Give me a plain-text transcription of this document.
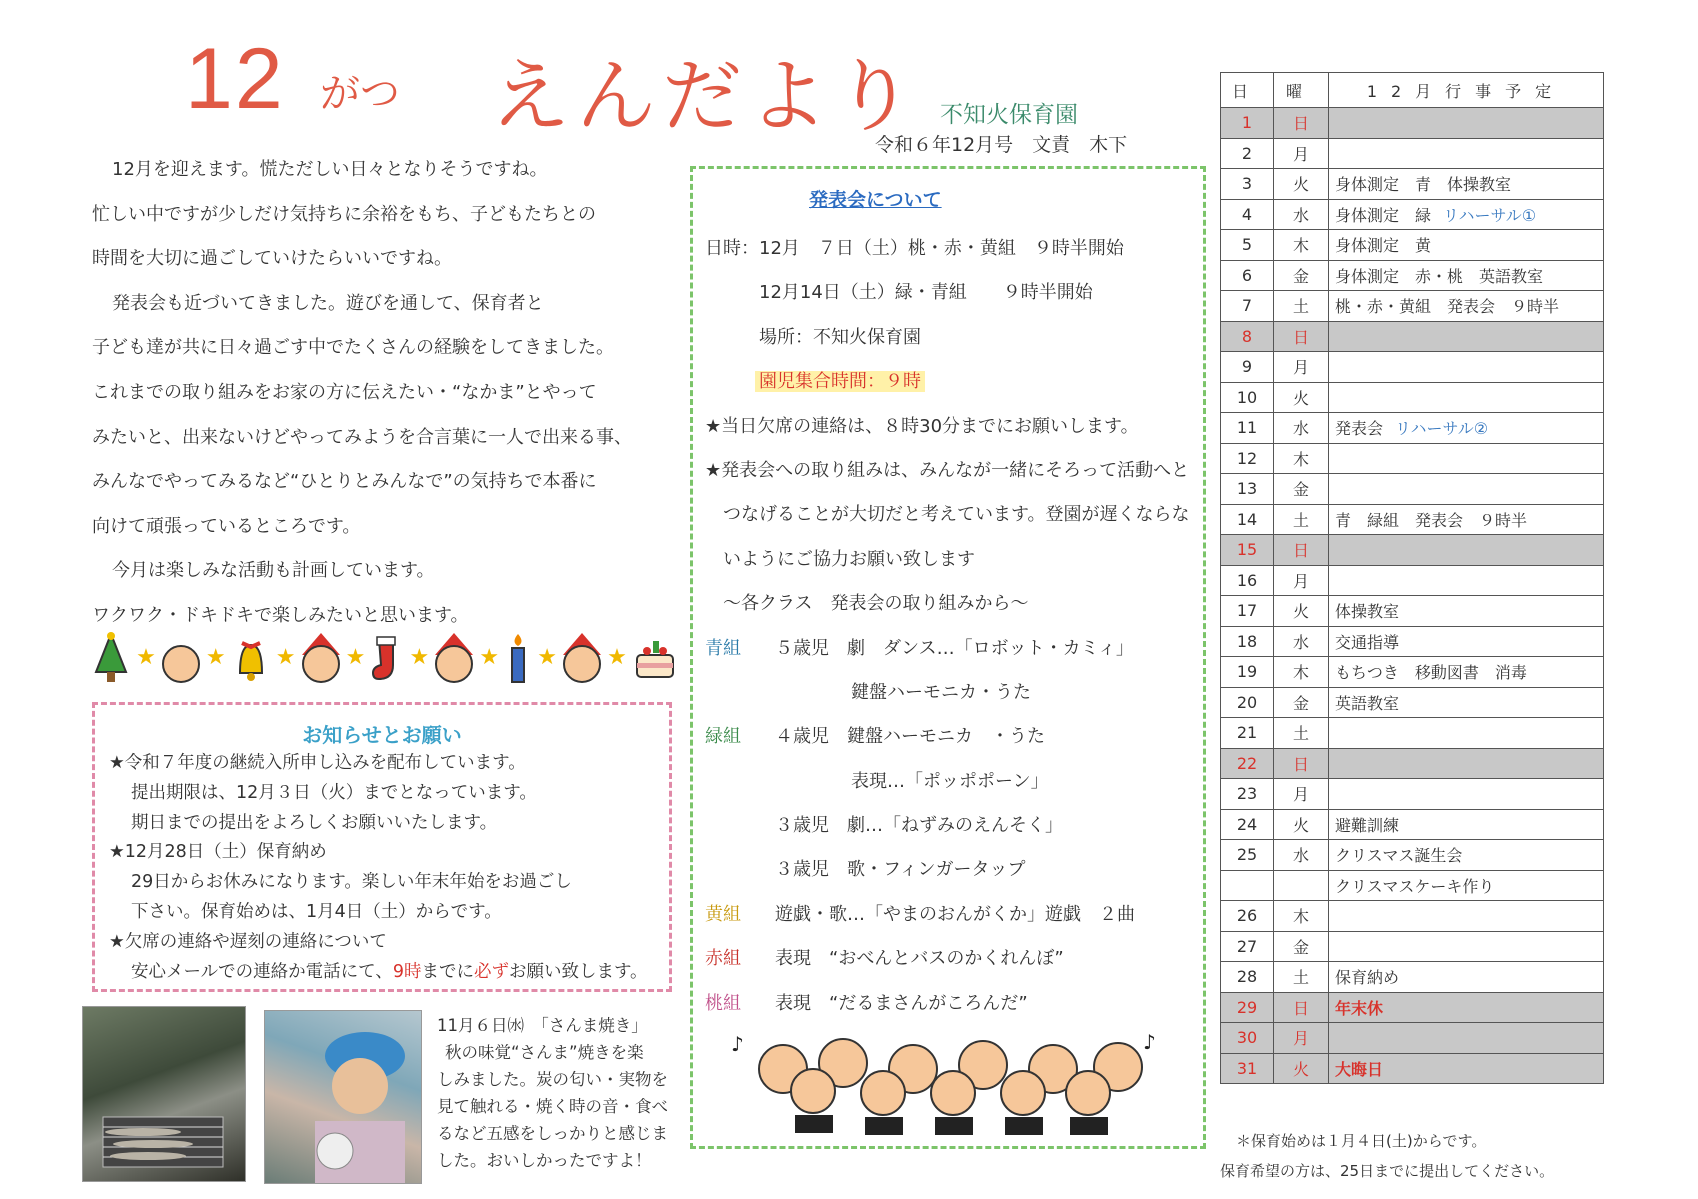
12 がつ えんだより 不知火保育園
令和６年12月号　文責　木下

12月を迎えます。慌ただしい日々となりそうですね。

忙しい中ですが少しだけ気持ちに余裕をもち、子どもたちとの

時間を大切に過ごしていけたらいいですね。

発表会も近づいてきました。遊びを通して、保育者と

子ども達が共に日々過ごす中でたくさんの経験をしてきました。

これまでの取り組みをお家の方に伝えたい・“なかま”とやって

みたいと、出来ないけどやってみようを合言葉に一人で出来る事、

みんなでやってみるなど“ひとりとみんなで”の気持ちで本番に

向けて頑張っているところです。

今月は楽しみな活動も計画しています。

ワクワク・ドキドキで楽しみたいと思います。

★ ★ ★ ★ ★ ★ ★ ★
お知らせとお願い

★令和７年度の継続入所申し込みを配布しています。

提出期限は、12月３日（火）までとなっています。

期日までの提出をよろしくお願いいたします。

★12月28日（土）保育納め

29日からお休みになります。楽しい年末年始をお過ごし

下さい。保育始めは、1月4日（土）からです。

★欠席の連絡や遅刻の連絡について

安心メールでの連絡か電話にて、9時までに必ずお願い致します。

11月６日㈬　「さんま焼き」

秋の味覚“さんま”焼きを楽

しみました。炭の匂い・実物を

見て触れる・焼く時の音・食べ

るなど五感をしっかりと感じま

した。おいしかったですよ！

発表会について
日時：12月　７日（土）桃・赤・黄組　９時半開始
12月14日（土）緑・青組　　９時半開始
場所：不知火保育園
園児集合時間：９時
★当日欠席の連絡は、８時30分までにお願いします。
★発表会への取り組みは、みんなが一緒にそろって活動へと
つなげることが大切だと考えています。登園が遅くならな
いようにご協力お願い致します
～各クラス　発表会の取り組みから～
青組 ５歳児　劇　ダンス…「ロボット・カミィ」
鍵盤ハーモニカ・うた
緑組 ４歳児　鍵盤ハーモニカ　・うた
表現…「ポッポポーン」
３歳児　劇…「ねずみのえんそく」
３歳児　歌・フィンガータップ
黄組 遊戯・歌…「やまのおんがくか」遊戯　２曲
赤組 表現　“おべんとバスのかくれんぼ”
桃組 表現　“だるまさんがころんだ”
♪	♪
日	曜	12月行事予定
1	日	
2	月	
3	火	身体測定　青　体操教室
4	水	身体測定　緑 リハーサル①
5	木	身体測定　黄
6	金	身体測定　赤・桃　英語教室
7	土	桃・赤・黄組　発表会　９時半
8	日	
9	月	
10	火	
11	水	発表会 リハーサル②
12	木	
13	金	
14	土	青　緑組　発表会　９時半
15	日	
16	月	
17	火	体操教室
18	水	交通指導
19	木	もちつき　移動図書　消毒
20	金	英語教室
21	土	
22	日	
23	月	
24	火	避難訓練
25	水	クリスマス誕生会
		クリスマスケーキ作り
26	木	
27	金	
28	土	保育納め
29	日	年末休
30	月	
31	火	大晦日
＊保育始めは１月４日(土)からです。
保育希望の方は、25日までに提出してください。
